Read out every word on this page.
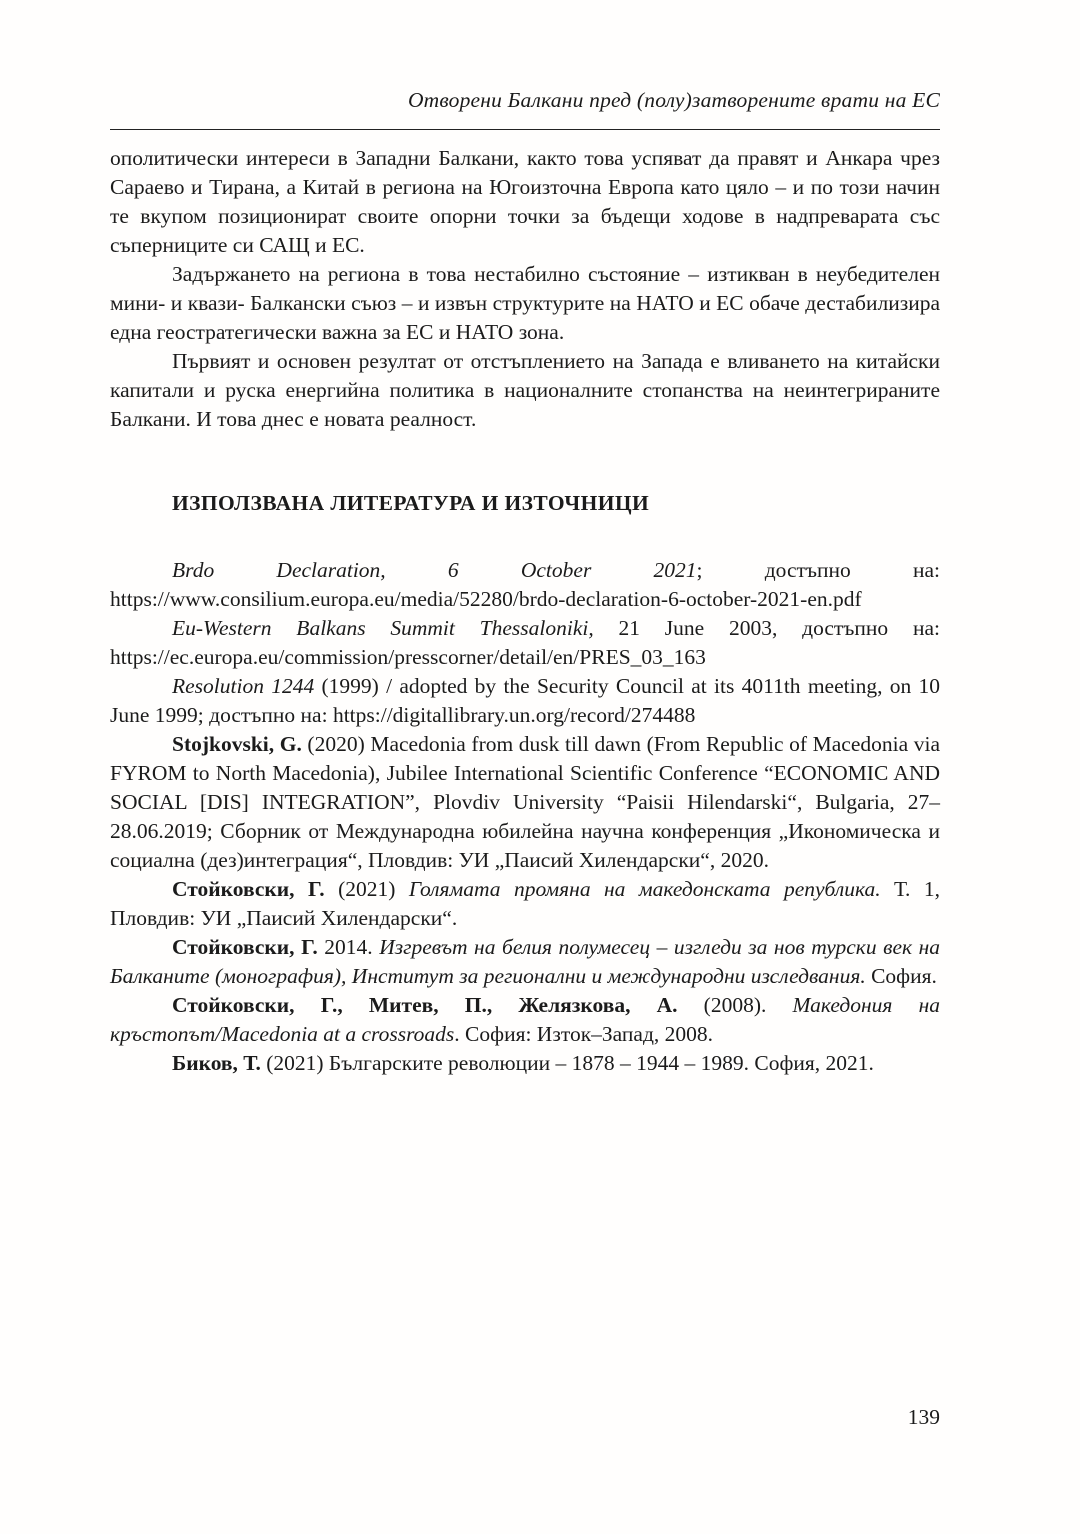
Отворени Балкани пред (полу)затворените врати на ЕС

ополитически интереси в Западни Балкани, както това успяват да правят и Анкара чрез Сараево и Тирана, а Китай в региона на Югоизточна Европа като цяло – и по този начин те вкупом позиционират своите опорни точки за бъдещи ходове в надпреварата със съперниците си САЩ и ЕС.

Задържането на региона в това нестабилно състояние – изтикван в неубедителен мини- и квази- Балкански съюз – и извън структурите на НАТО и ЕС обаче дестабилизира една геостратегически важна за ЕС и НАТО зона.

Първият и основен резултат от отстъплението на Запада е вливането на китайски капитали и руска енергийна политика в националните стопанства на неинтегрираните Балкани. И това днес е новата реалност.

ИЗПОЛЗВАНА ЛИТЕРАТУРА И ИЗТОЧНИЦИ

Brdo Declaration, 6 October 2021; достъпно на: https://www.consilium.europa.eu/media/52280/brdo-declaration-6-october-2021-en.pdf

Eu-Western Balkans Summit Thessaloniki, 21 June 2003, достъпно на: https://ec.europa.eu/commission/presscorner/detail/en/PRES_03_163

Resolution 1244 (1999) / adopted by the Security Council at its 4011th meeting, on 10 June 1999; достъпно на: https://digitallibrary.un.org/record/274488

Stojkovski, G. (2020) Macedonia from dusk till dawn (From Republic of Macedonia via FYROM to North Macedonia), Jubilee International Scientific Conference “ECONOMIC AND SOCIAL [DIS] INTEGRATION”, Plovdiv University “Paisii Hilendarski“, Bulgaria, 27–28.06.2019; Сборник от Международна юбилейна научна конференция „Икономическа и социална (дез)интеграция“, Пловдив: УИ „Паисий Хилендарски“, 2020.

Стойковски, Г. (2021) Голямата промяна на македонската република. Т. 1, Пловдив: УИ „Паисий Хилендарски“.

Стойковски, Г. 2014. Изгревът на белия полумесец – изгледи за нов турски век на Балканите (монография), Институт за регионални и международни изследвания. София.

Стойковски, Г., Митев, П., Желязкова, А. (2008). Македония на кръстопът/Macedonia at a crossroads. София: Изток–Запад, 2008.

Биков, Т. (2021) Българските революции – 1878 – 1944 – 1989. София, 2021.

139
